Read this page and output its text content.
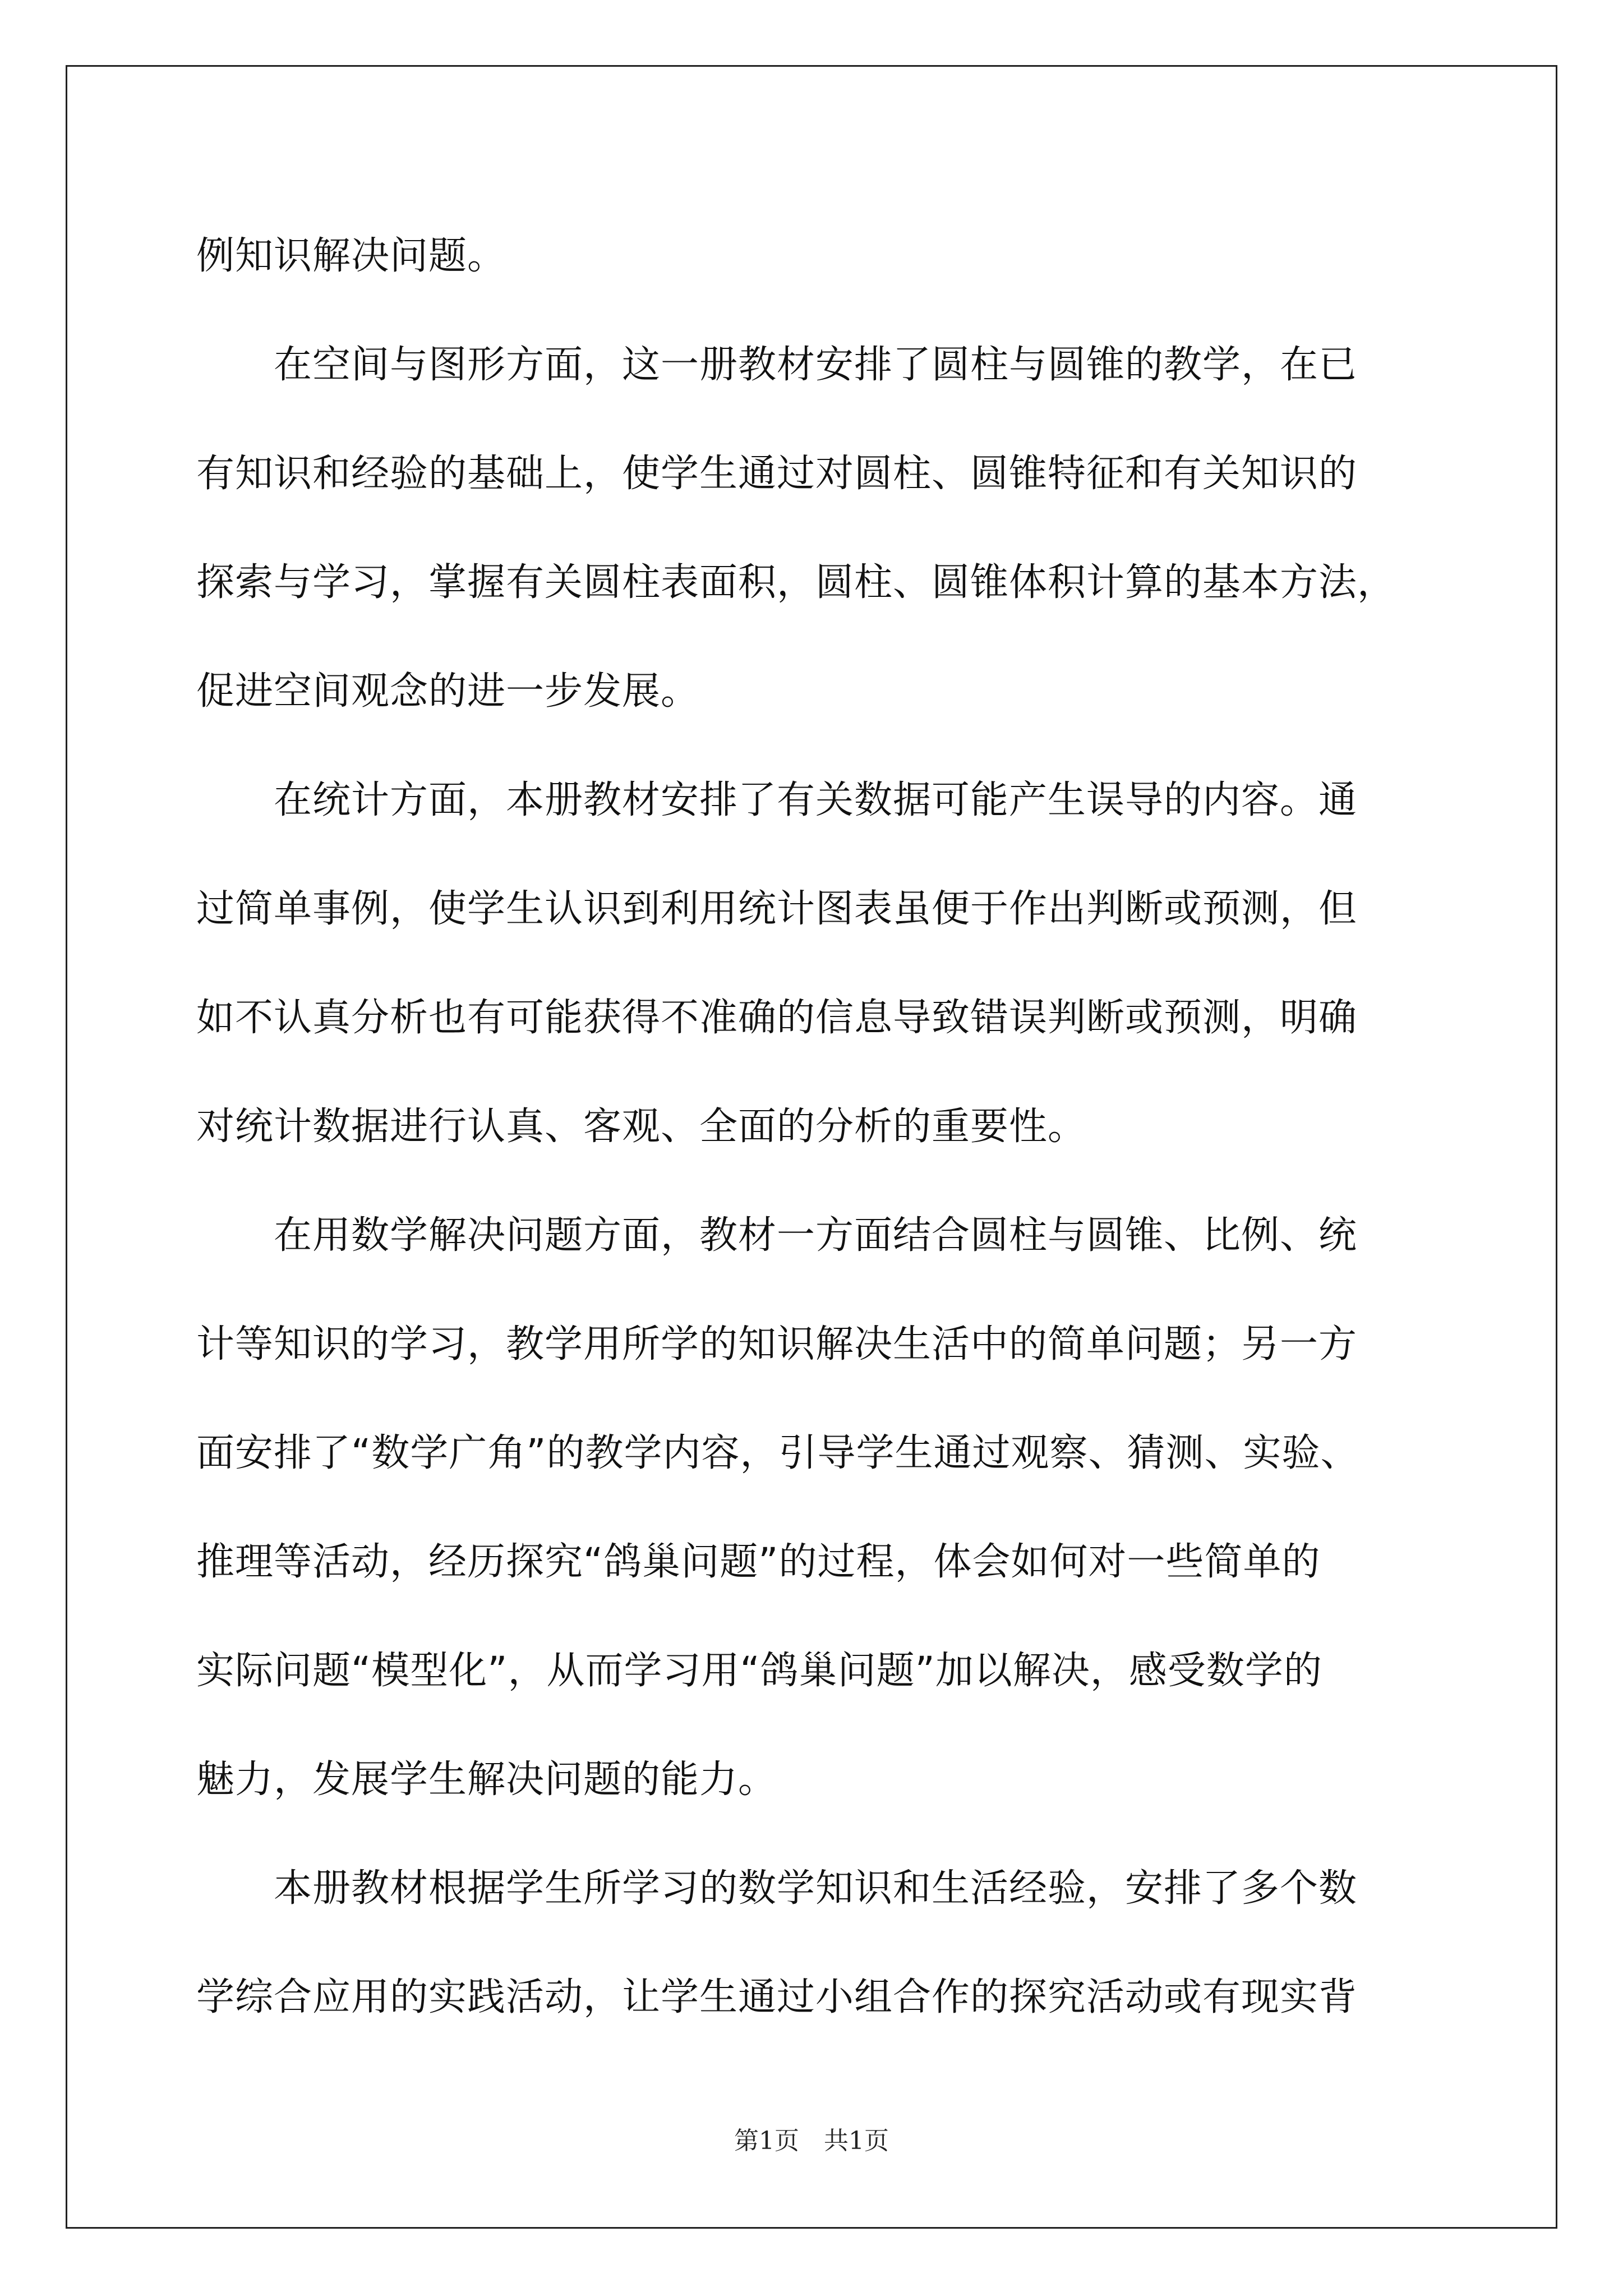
例知识解决问题。
　　在空间与图形方面，这一册教材安排了圆柱与圆锥的教学，在已
有知识和经验的基础上，使学生通过对圆柱、圆锥特征和有关知识的
探索与学习，掌握有关圆柱表面积，圆柱、圆锥体积计算的基本方法，
促进空间观念的进一步发展。
　　在统计方面，本册教材安排了有关数据可能产生误导的内容。通
过简单事例，使学生认识到利用统计图表虽便于作出判断或预测，但
如不认真分析也有可能获得不准确的信息导致错误判断或预测，明确
对统计数据进行认真、客观、全面的分析的重要性。
　　在用数学解决问题方面，教材一方面结合圆柱与圆锥、比例、统
计等知识的学习，教学用所学的知识解决生活中的简单问题；另一方
面安排了“数学广角”的教学内容，引导学生通过观察、猜测、实验、
推理等活动，经历探究“鸽巢问题”的过程，体会如何对一些简单的
实际问题“模型化”，从而学习用“鸽巢问题”加以解决，感受数学的
魅力，发展学生解决问题的能力。
　　本册教材根据学生所学习的数学知识和生活经验，安排了多个数
学综合应用的实践活动，让学生通过小组合作的探究活动或有现实背
第1页　共1页
